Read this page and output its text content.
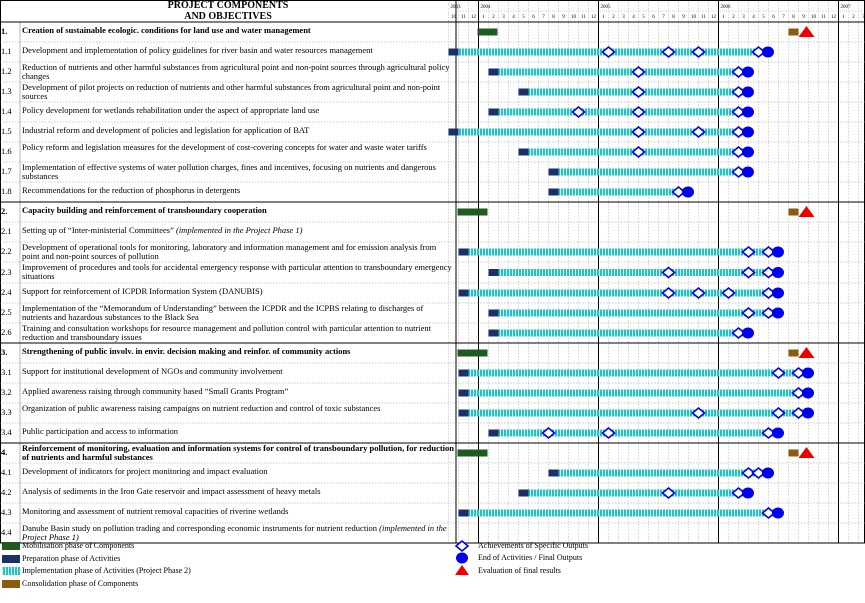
10 11 12 1 2 3 4 5 6 7 8 9 10 11 12 1 2 3 4 5 6 7 8 9 10 11 12 1 2 3 4 5 6 7 8 9 10 11 12 1 2 3
2003	2004	2005	2006	2007
PROJECT COMPONENTS
AND OBJECTIVES
1.	Creation of sustainable ecologic. conditions for land use and water management
1.1	Development and implementation of policy guidelines for river basin and water resources management
1.2	Reduction of nutrients and other harmful substances from agricultural point and non-point sources through agricultural policy changes
1.3	Development of pilot projects on reduction of nutrients and other harmful substances from agricultural point and non-point sources
1.4	Policy development for wetlands rehabilitation under the aspect of appropriate land use
1.5	Industrial reform and development of policies and legislation for application of BAT
1.6	Policy reform and legislation measures for the development of cost-covering concepts for water and waste water tariffs
1.7	Implementation of effective systems of water pollution charges, fines and incentives, focusing on nutrients and dangerous substances
1.8	Recommendations for the reduction of phosphorus in detergents
2.	Capacity building and reinforcement of transboundary cooperation
2.1	Setting up of “Inter-ministerial Committees” (implemented in the Project Phase 1)
2.2	Development of operational tools for monitoring, laboratory and information management and for emission analysis from point and non-point sources of pollution
2.3	Improvement of procedures and tools for accidental emergency response with particular attention to transboundary emergency situations
2.4	Support for reinforcement of ICPDR Information System (DANUBIS)
2.5	Implementation of the “Memorandum of Understanding” between the ICPDR and the ICPBS relating to discharges of nutrients and hazardous substances to the Black Sea
2.6	Training and consultation workshops for resource management and pollution control with particular attention to nutrient reduction and transboundary issues
3.	Strengthening of public involv. in envir. decision making and reinfor. of community actions
3.1	Support for institutional development of NGOs and community involvement
3.2	Applied awareness raising through community based “Small Grants Program”
3.3	Organization of public awareness raising campaigns on nutrient reduction and control of toxic substances
3.4	Public participation and access to information
4.	Reinforcement of monitoring, evaluation and information systems for control of transboundary pollution, for reduction of nutrients and harmful substances
4.1	Development of indicators for project monitoring and impact evaluation
4.2	Analysis of sediments in the Iron Gate reservoir and impact assessment of heavy metals
4.3	Monitoring and assessment of nutrient removal capacities of riverine wetlands
4.4	Danube Basin study on pollution trading and corresponding economic instruments for nutrient reduction (implemented in the Project Phase 1)
Mobilisation phase of Components
Preparation phase of Activities
Implementation phase of Activities (Project Phase 2)
Consolidation phase of Components
Achievements of Specific Outputs
End of Activities / Final Outputs
Evaluation of final results
